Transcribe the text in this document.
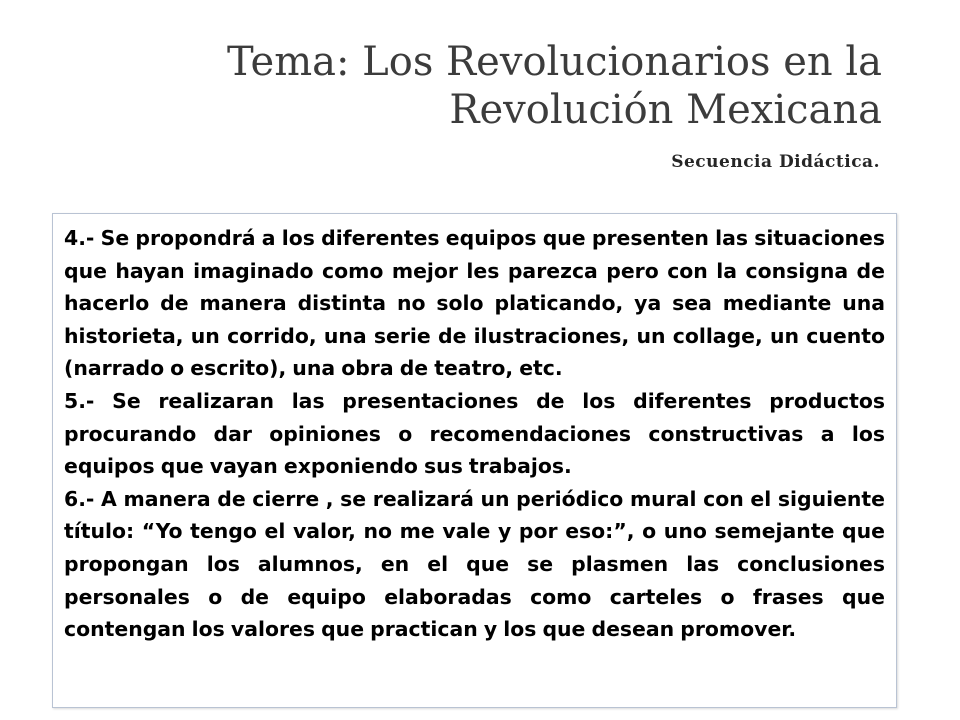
Tema: Los Revolucionarios en la
Revolución Mexicana
Secuencia Didáctica.

4.- Se propondrá a los diferentes equipos que presenten las situaciones que hayan imaginado como mejor les parezca pero con la consigna de hacerlo de manera distinta no solo platicando, ya sea mediante una historieta, un corrido, una serie de ilustraciones, un collage, un cuento (narrado o escrito), una obra de teatro, etc.

5.- Se realizaran las presentaciones de los diferentes productos procurando dar opiniones o recomendaciones constructivas a los equipos que vayan exponiendo sus trabajos.

6.- A manera de cierre , se realizará un periódico mural con el siguiente título: “Yo tengo el valor, no me vale y por eso:”, o uno semejante que propongan los alumnos, en el que se plasmen las conclusiones personales o de equipo elaboradas como carteles o frases que contengan los valores que practican y los que desean promover.
